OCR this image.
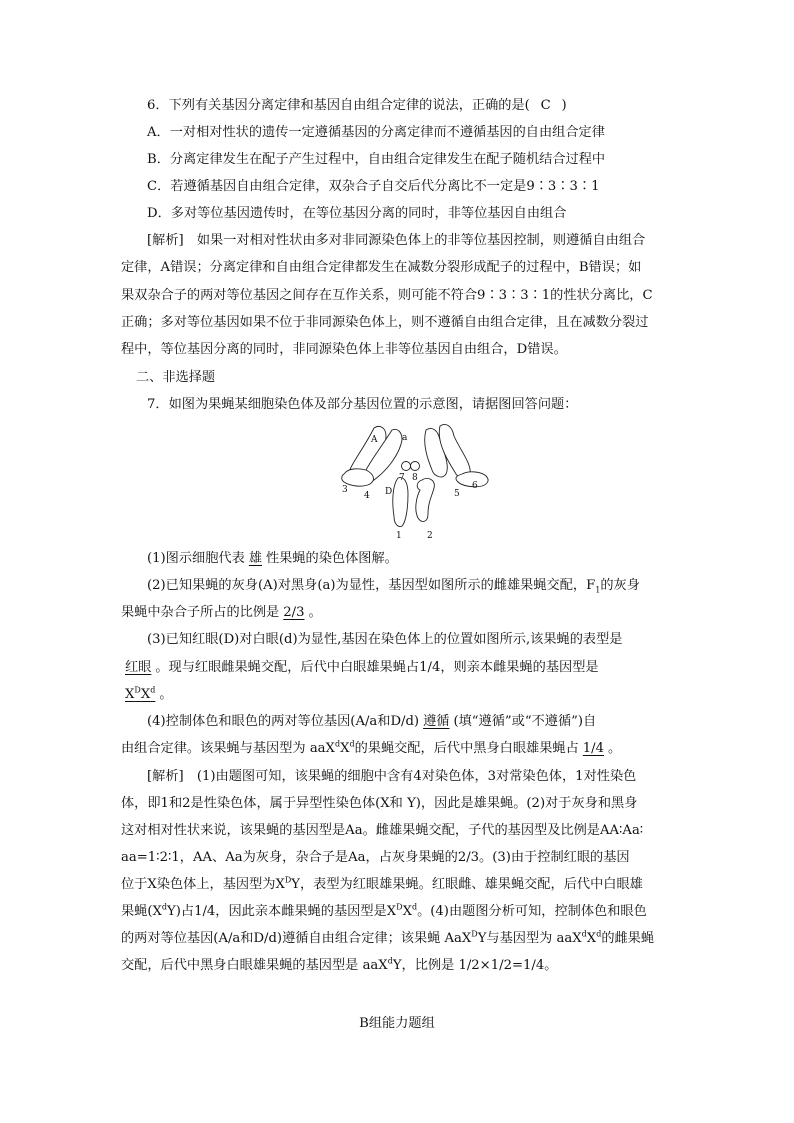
6．下列有关基因分离定律和基因自由组合定律的说法，正确的是(  C  )
A．一对相对性状的遗传一定遵循基因的分离定律而不遵循基因的自由组合定律
B．分离定律发生在配子产生过程中，自由组合定律发生在配子随机结合过程中
C．若遵循基因自由组合定律，双杂合子自交后代分离比不一定是9∶3∶3∶1
D．多对等位基因遗传时，在等位基因分离的同时，非等位基因自由组合
[解析]　如果一对相对性状由多对非同源染色体上的非等位基因控制，则遵循自由组合
定律，A错误；分离定律和自由组合定律都发生在减数分裂形成配子的过程中，B错误；如
果双杂合子的两对等位基因之间存在互作关系，则可能不符合9∶3∶3∶1的性状分离比，C
正确；多对等位基因如果不位于非同源染色体上，则不遵循自由组合定律，且在减数分裂过
程中，等位基因分离的同时，非同源染色体上非等位基因自由组合，D错误。
二、非选择题
7．如图为果蝇某细胞染色体及部分基因位置的示意图，请据图回答问题：
A	a
3
4
7 8
D	5
6
1	2
(1)图示细胞代表 雄 性果蝇的染色体图解。
(2)已知果蝇的灰身(A)对黑身(a)为显性，基因型如图所示的雌雄果蝇交配，$F_1$的灰身
果蝇中杂合子所占的比例是 2/3 。
(3)已知红眼(D)对白眼(d)为显性,基因在染色体上的位置如图所示,该果蝇的表型是
红眼 。现与红眼雌果蝇交配，后代中白眼雄果蝇占1/4，则亲本雌果蝇的基因型是
$X^DX^d$ 。
(4)控制体色和眼色的两对等位基因(A/a和D/d) 遵循 (填“遵循”或“不遵循”)自
由组合定律。该果蝇与基因型为 $aaX^dX^d$的果蝇交配，后代中黑身白眼雄果蝇占 1/4 。
[解析]　(1)由题图可知，该果蝇的细胞中含有4对染色体，3对常染色体，1对性染色
体，即1和2是性染色体，属于异型性染色体(X和 Y)，因此是雄果蝇。(2)对于灰身和黑身
这对相对性状来说，该果蝇的基因型是Aa。雌雄果蝇交配，子代的基因型及比例是AA∶Aa∶
aa=1∶2∶1，AA、Aa为灰身，杂合子是Aa，占灰身果蝇的2/3。(3)由于控制红眼的基因
位于X染色体上，基因型为$X^DY$，表型为红眼雄果蝇。红眼雌、雄果蝇交配，后代中白眼雄
果蝇$(X^dY)$占1/4，因此亲本雌果蝇的基因型是$X^DX^d$。(4)由题图分析可知，控制体色和眼色
的两对等位基因(A/a和D/d)遵循自由组合定律；该果蝇 AaX$^D$Y与基因型为 $aaX^dX^d$的雌果蝇
交配，后代中黑身白眼雄果蝇的基因型是 aaX$^d$Y，比例是 1/2×1/2=1/4。
B组能力题组
